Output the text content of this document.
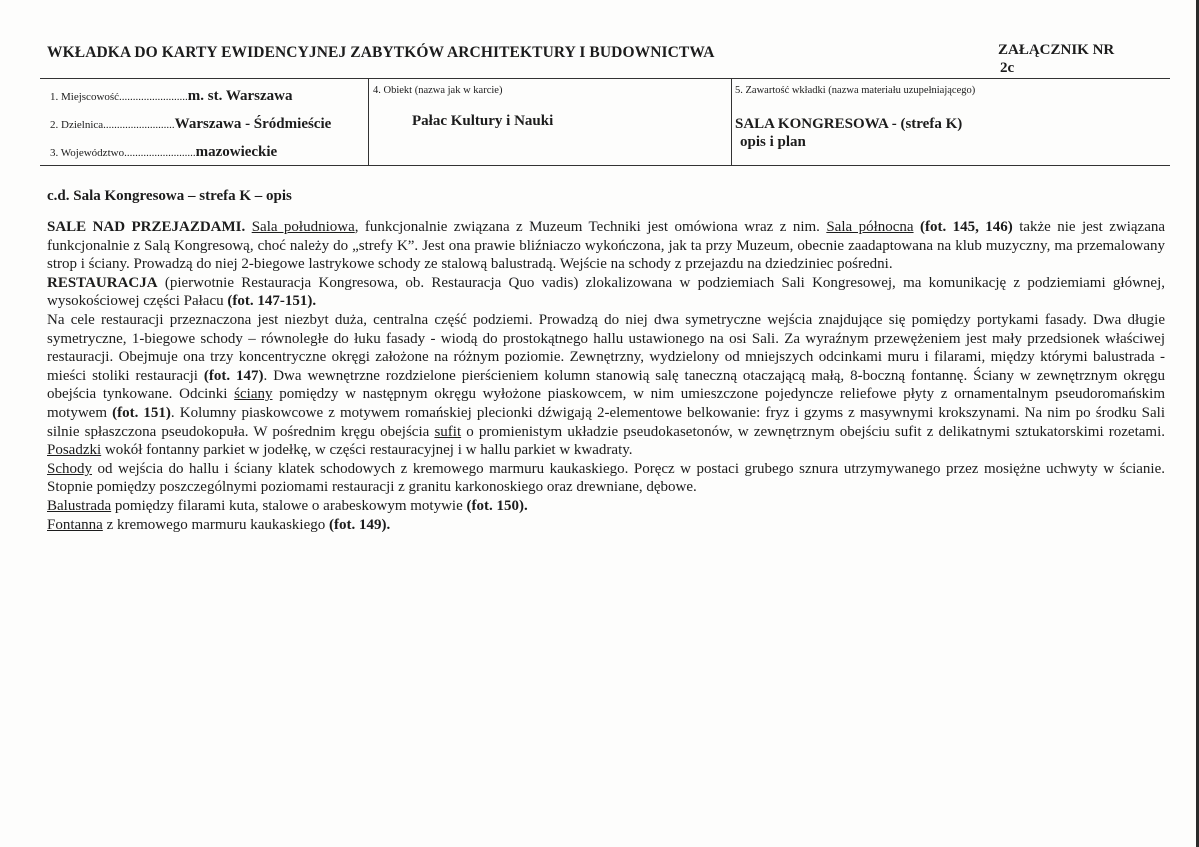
WKŁADKA DO KARTY EWIDENCYJNEJ ZABYTKÓW ARCHITEKTURY I BUDOWNICTWA	ZAŁĄCZNIK NR
2c
1. Miejscowość.........................m. st. Warszawa
2. Dzielnica..........................Warszawa - Śródmieście
3. Województwo..........................mazowieckie
4. Obiekt (nazwa jak w karcie)
Pałac Kultury i Nauki
5. Zawartość wkładki (nazwa materiału uzupełniającego)
SALA KONGRESOWA - (strefa K)
opis i plan
c.d. Sala Kongresowa – strefa K – opis

SALE NAD PRZEJAZDAMI. Sala południowa, funkcjonalnie związana z Muzeum Techniki jest omówiona wraz z nim. Sala północna (fot. 145, 146) także nie jest związana funkcjonalnie z Salą Kongresową, choć należy do „strefy K”. Jest ona prawie bliźniaczo wykończona, jak ta przy Muzeum, obecnie zaadaptowana na klub muzyczny, ma przemalowany strop i ściany. Prowadzą do niej 2-biegowe lastrykowe schody ze stalową balustradą. Wejście na schody z przejazdu na dziedziniec pośredni.

RESTAURACJA (pierwotnie Restauracja Kongresowa, ob. Restauracja Quo vadis) zlokalizowana w podziemiach Sali Kongresowej, ma komunikację z podziemiami głównej, wysokościowej części Pałacu (fot. 147-151).

Na cele restauracji przeznaczona jest niezbyt duża, centralna część podziemi. Prowadzą do niej dwa symetryczne wejścia znajdujące się pomiędzy portykami fasady. Dwa długie symetryczne, 1-biegowe schody – równoległe do łuku fasady - wiodą do prostokątnego hallu ustawionego na osi Sali. Za wyraźnym przewężeniem jest mały przedsionek właściwej restauracji. Obejmuje ona trzy koncentryczne okręgi założone na różnym poziomie. Zewnętrzny, wydzielony od mniejszych odcinkami muru i filarami, między którymi balustrada - mieści stoliki restauracji (fot. 147). Dwa wewnętrzne rozdzielone pierścieniem kolumn stanowią salę taneczną otaczającą małą, 8-boczną fontannę. Ściany w zewnętrznym okręgu obejścia tynkowane. Odcinki ściany pomiędzy w następnym okręgu wyłożone piaskowcem, w nim umieszczone pojedyncze reliefowe płyty z ornamentalnym pseudoromańskim motywem (fot. 151). Kolumny piaskowcowe z motywem romańskiej plecionki dźwigają 2-elementowe belkowanie: fryz i gzyms z masywnymi krokszynami. Na nim po środku Sali silnie spłaszczona pseudokopuła. W pośrednim kręgu obejścia sufit o promienistym układzie pseudokasetonów, w zewnętrznym obejściu sufit z delikatnymi sztukatorskimi rozetami. Posadzki wokół fontanny parkiet w jodełkę, w części restauracyjnej i w hallu parkiet w kwadraty.

Schody od wejścia do hallu i ściany klatek schodowych z kremowego marmuru kaukaskiego. Poręcz w postaci grubego sznura utrzymywanego przez mosiężne uchwyty w ścianie. Stopnie pomiędzy poszczególnymi poziomami restauracji z granitu karkonoskiego oraz drewniane, dębowe.

Balustrada pomiędzy filarami kuta, stalowe o arabeskowym motywie (fot. 150).

Fontanna z kremowego marmuru kaukaskiego (fot. 149).
